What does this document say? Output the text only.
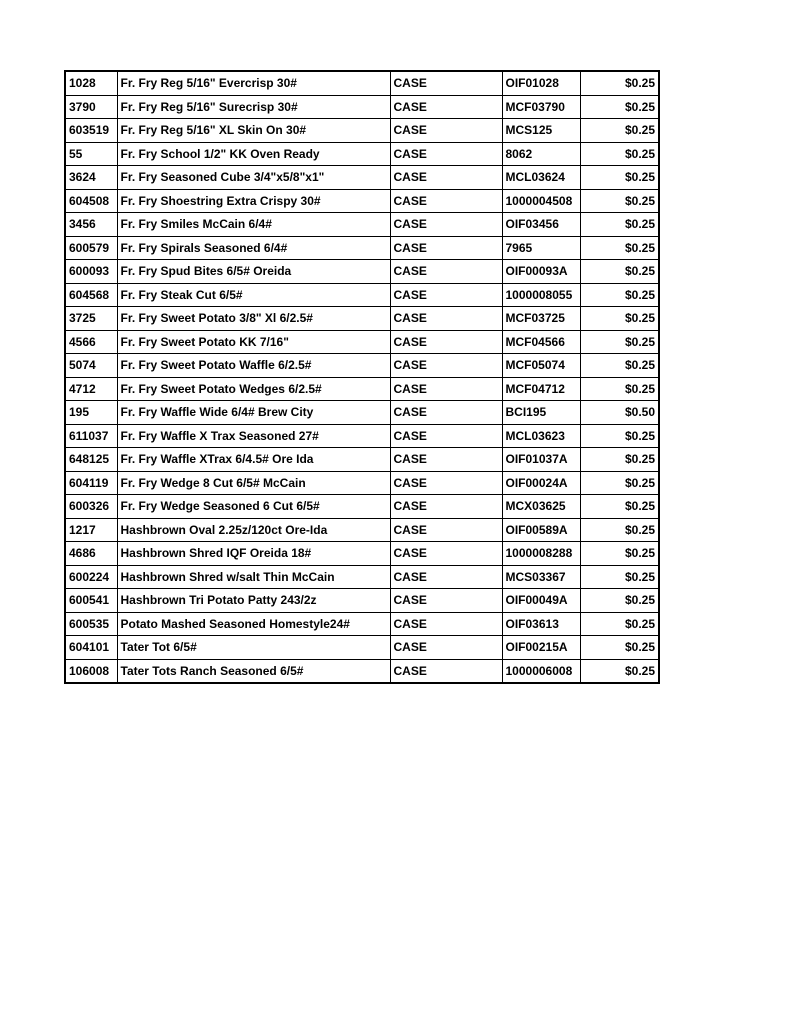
1028	Fr. Fry Reg 5/16" Evercrisp 30#	CASE	OIF01028	$0.25
3790	Fr. Fry Reg 5/16" Surecrisp 30#	CASE	MCF03790	$0.25
603519	Fr. Fry Reg 5/16" XL Skin On 30#	CASE	MCS125	$0.25
55	Fr. Fry School 1/2" KK Oven Ready	CASE	8062	$0.25
3624	Fr. Fry Seasoned Cube 3/4"x5/8"x1"	CASE	MCL03624	$0.25
604508	Fr. Fry Shoestring Extra Crispy 30#	CASE	1000004508	$0.25
3456	Fr. Fry Smiles McCain 6/4#	CASE	OIF03456	$0.25
600579	Fr. Fry Spirals Seasoned 6/4#	CASE	7965	$0.25
600093	Fr. Fry Spud Bites 6/5# Oreida	CASE	OIF00093A	$0.25
604568	Fr. Fry Steak Cut 6/5#	CASE	1000008055	$0.25
3725	Fr. Fry Sweet Potato 3/8" Xl 6/2.5#	CASE	MCF03725	$0.25
4566	Fr. Fry Sweet Potato KK 7/16"	CASE	MCF04566	$0.25
5074	Fr. Fry Sweet Potato Waffle 6/2.5#	CASE	MCF05074	$0.25
4712	Fr. Fry Sweet Potato Wedges 6/2.5#	CASE	MCF04712	$0.25
195	Fr. Fry Waffle Wide 6/4# Brew City	CASE	BCI195	$0.50
611037	Fr. Fry Waffle X Trax Seasoned 27#	CASE	MCL03623	$0.25
648125	Fr. Fry Waffle XTrax 6/4.5# Ore Ida	CASE	OIF01037A	$0.25
604119	Fr. Fry Wedge 8 Cut 6/5# McCain	CASE	OIF00024A	$0.25
600326	Fr. Fry Wedge Seasoned 6 Cut 6/5#	CASE	MCX03625	$0.25
1217	Hashbrown Oval 2.25z/120ct Ore-Ida	CASE	OIF00589A	$0.25
4686	Hashbrown Shred IQF Oreida 18#	CASE	1000008288	$0.25
600224	Hashbrown Shred w/salt Thin McCain	CASE	MCS03367	$0.25
600541	Hashbrown Tri Potato Patty 243/2z	CASE	OIF00049A	$0.25
600535	Potato Mashed Seasoned Homestyle24#	CASE	OIF03613	$0.25
604101	Tater Tot 6/5#	CASE	OIF00215A	$0.25
106008	Tater Tots Ranch Seasoned 6/5#	CASE	1000006008	$0.25
